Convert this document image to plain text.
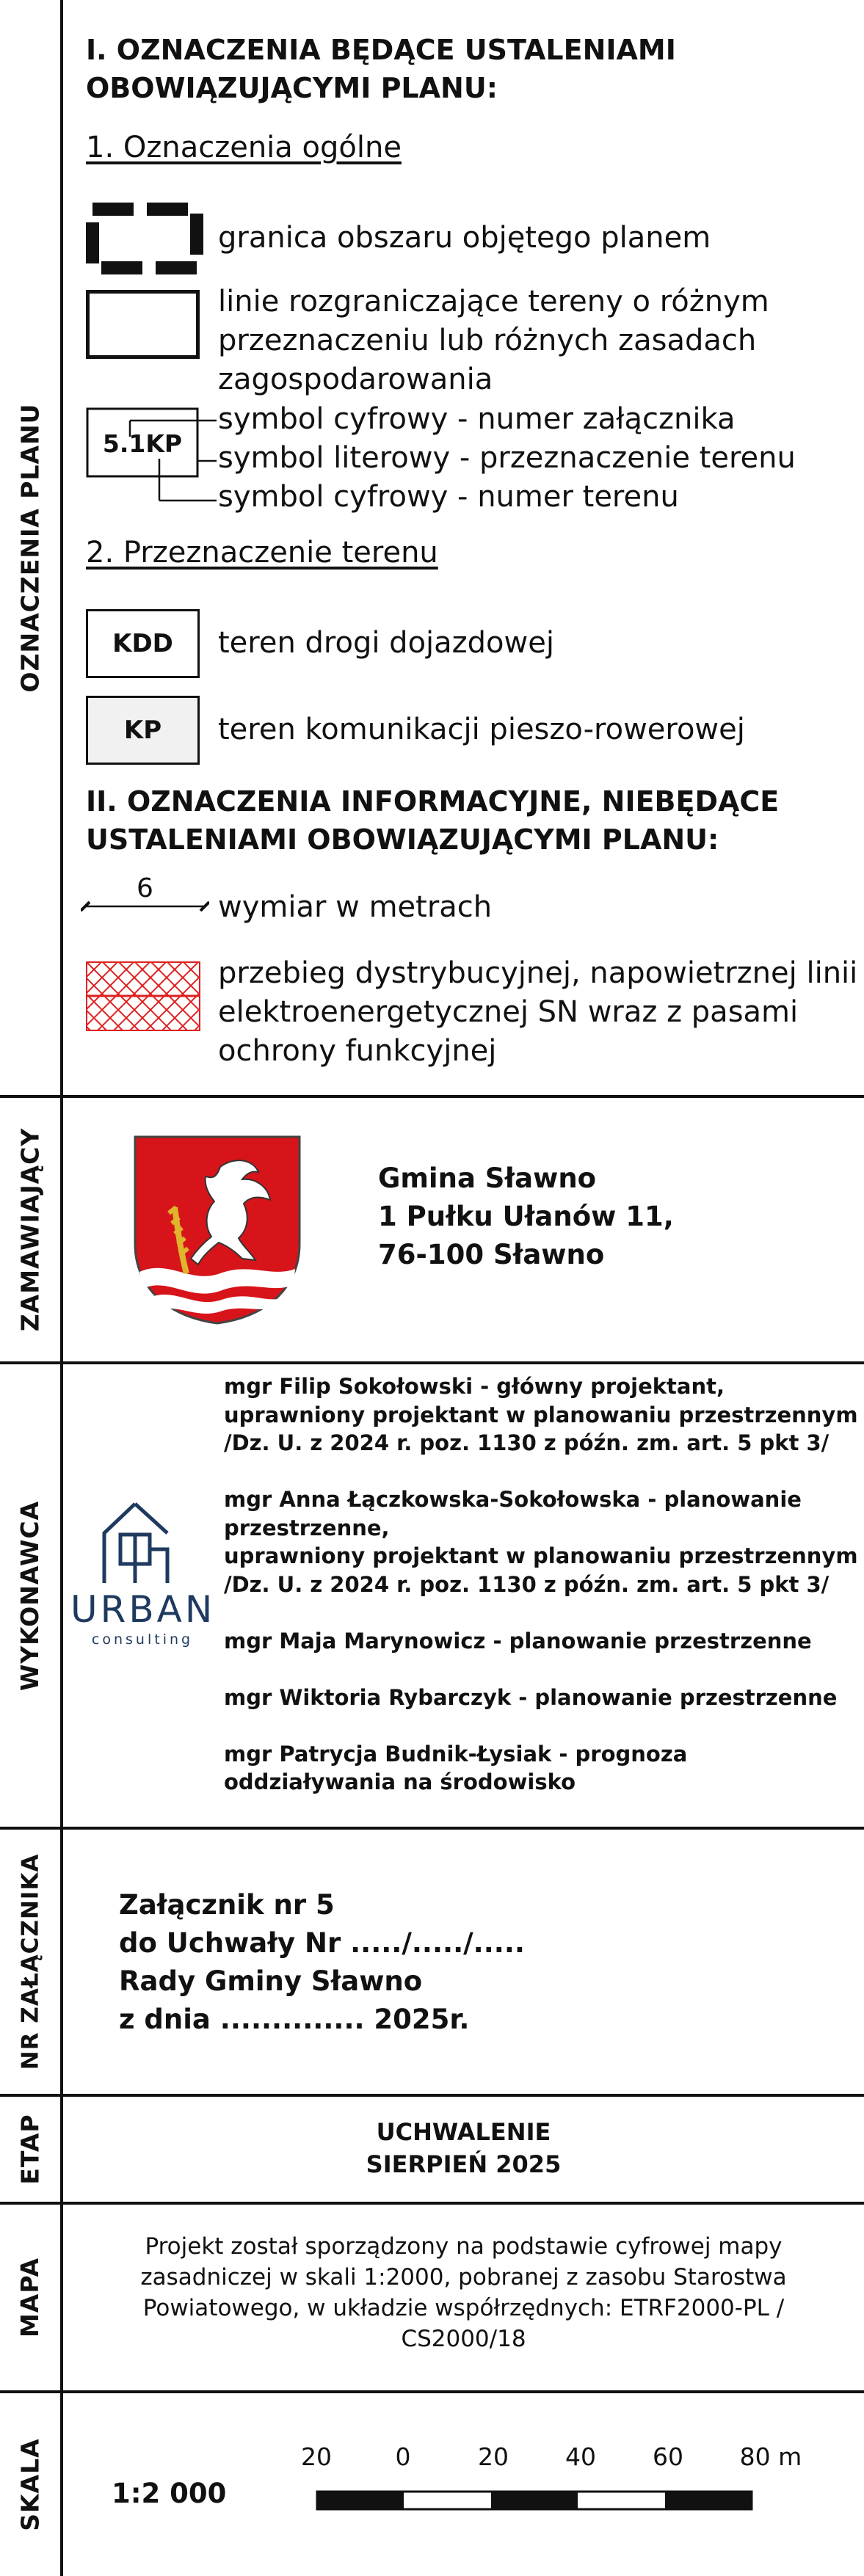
OZNACZENIA PLANU
ZAMAWIAJĄCY
WYKONAWCA
NR ZAŁĄCZNIKA
ETAP
MAPA
SKALA
I. OZNACZENIA BĘDĄCE USTALENIAMI
OBOWIĄZUJĄCYMI PLANU:
1. Oznaczenia ogólne
granica obszaru objętego planem
linie rozgraniczające tereny o różnym
przeznaczeniu lub różnych zasadach
zagospodarowania
5.1KP
symbol cyfrowy - numer załącznika
symbol literowy - przeznaczenie terenu
symbol cyfrowy - numer terenu
2. Przeznaczenie terenu
KDD	teren drogi dojazdowej
KP	teren komunikacji pieszo-rowerowej
II. OZNACZENIA INFORMACYJNE, NIEBĘDĄCE
USTALENIAMI OBOWIĄZUJĄCYMI PLANU:
6
wymiar w metrach
przebieg dystrybucyjnej, napowietrznej linii
elektroenergetycznej SN wraz z pasami
ochrony funkcyjnej
Gmina Sławno
1 Pułku Ułanów 11,
76-100 Sławno
URBAN
consulting
mgr Filip Sokołowski - główny projektant,
uprawniony projektant w planowaniu przestrzennym
/Dz. U. z 2024 r. poz. 1130 z późn. zm. art. 5 pkt 3/
mgr Anna Łączkowska-Sokołowska - planowanie
przestrzenne,
uprawniony projektant w planowaniu przestrzennym
/Dz. U. z 2024 r. poz. 1130 z późn. zm. art. 5 pkt 3/
mgr Maja Marynowicz - planowanie przestrzenne
mgr Wiktoria Rybarczyk - planowanie przestrzenne
mgr Patrycja Budnik-Łysiak - prognoza
oddziaływania na środowisko
Załącznik nr 5
do Uchwały Nr ...../...../.....
Rady Gminy Sławno
z dnia .............. 2025r.
UCHWALENIE
SIERPIEŃ 2025
Projekt został sporządzony na podstawie cyfrowej mapy
zasadniczej w skali 1:2000, pobranej z zasobu Starostwa
Powiatowego, w układzie współrzędnych: ETRF2000-PL /
CS2000/18
1:2 000
20	0	20 40 60	80 m
